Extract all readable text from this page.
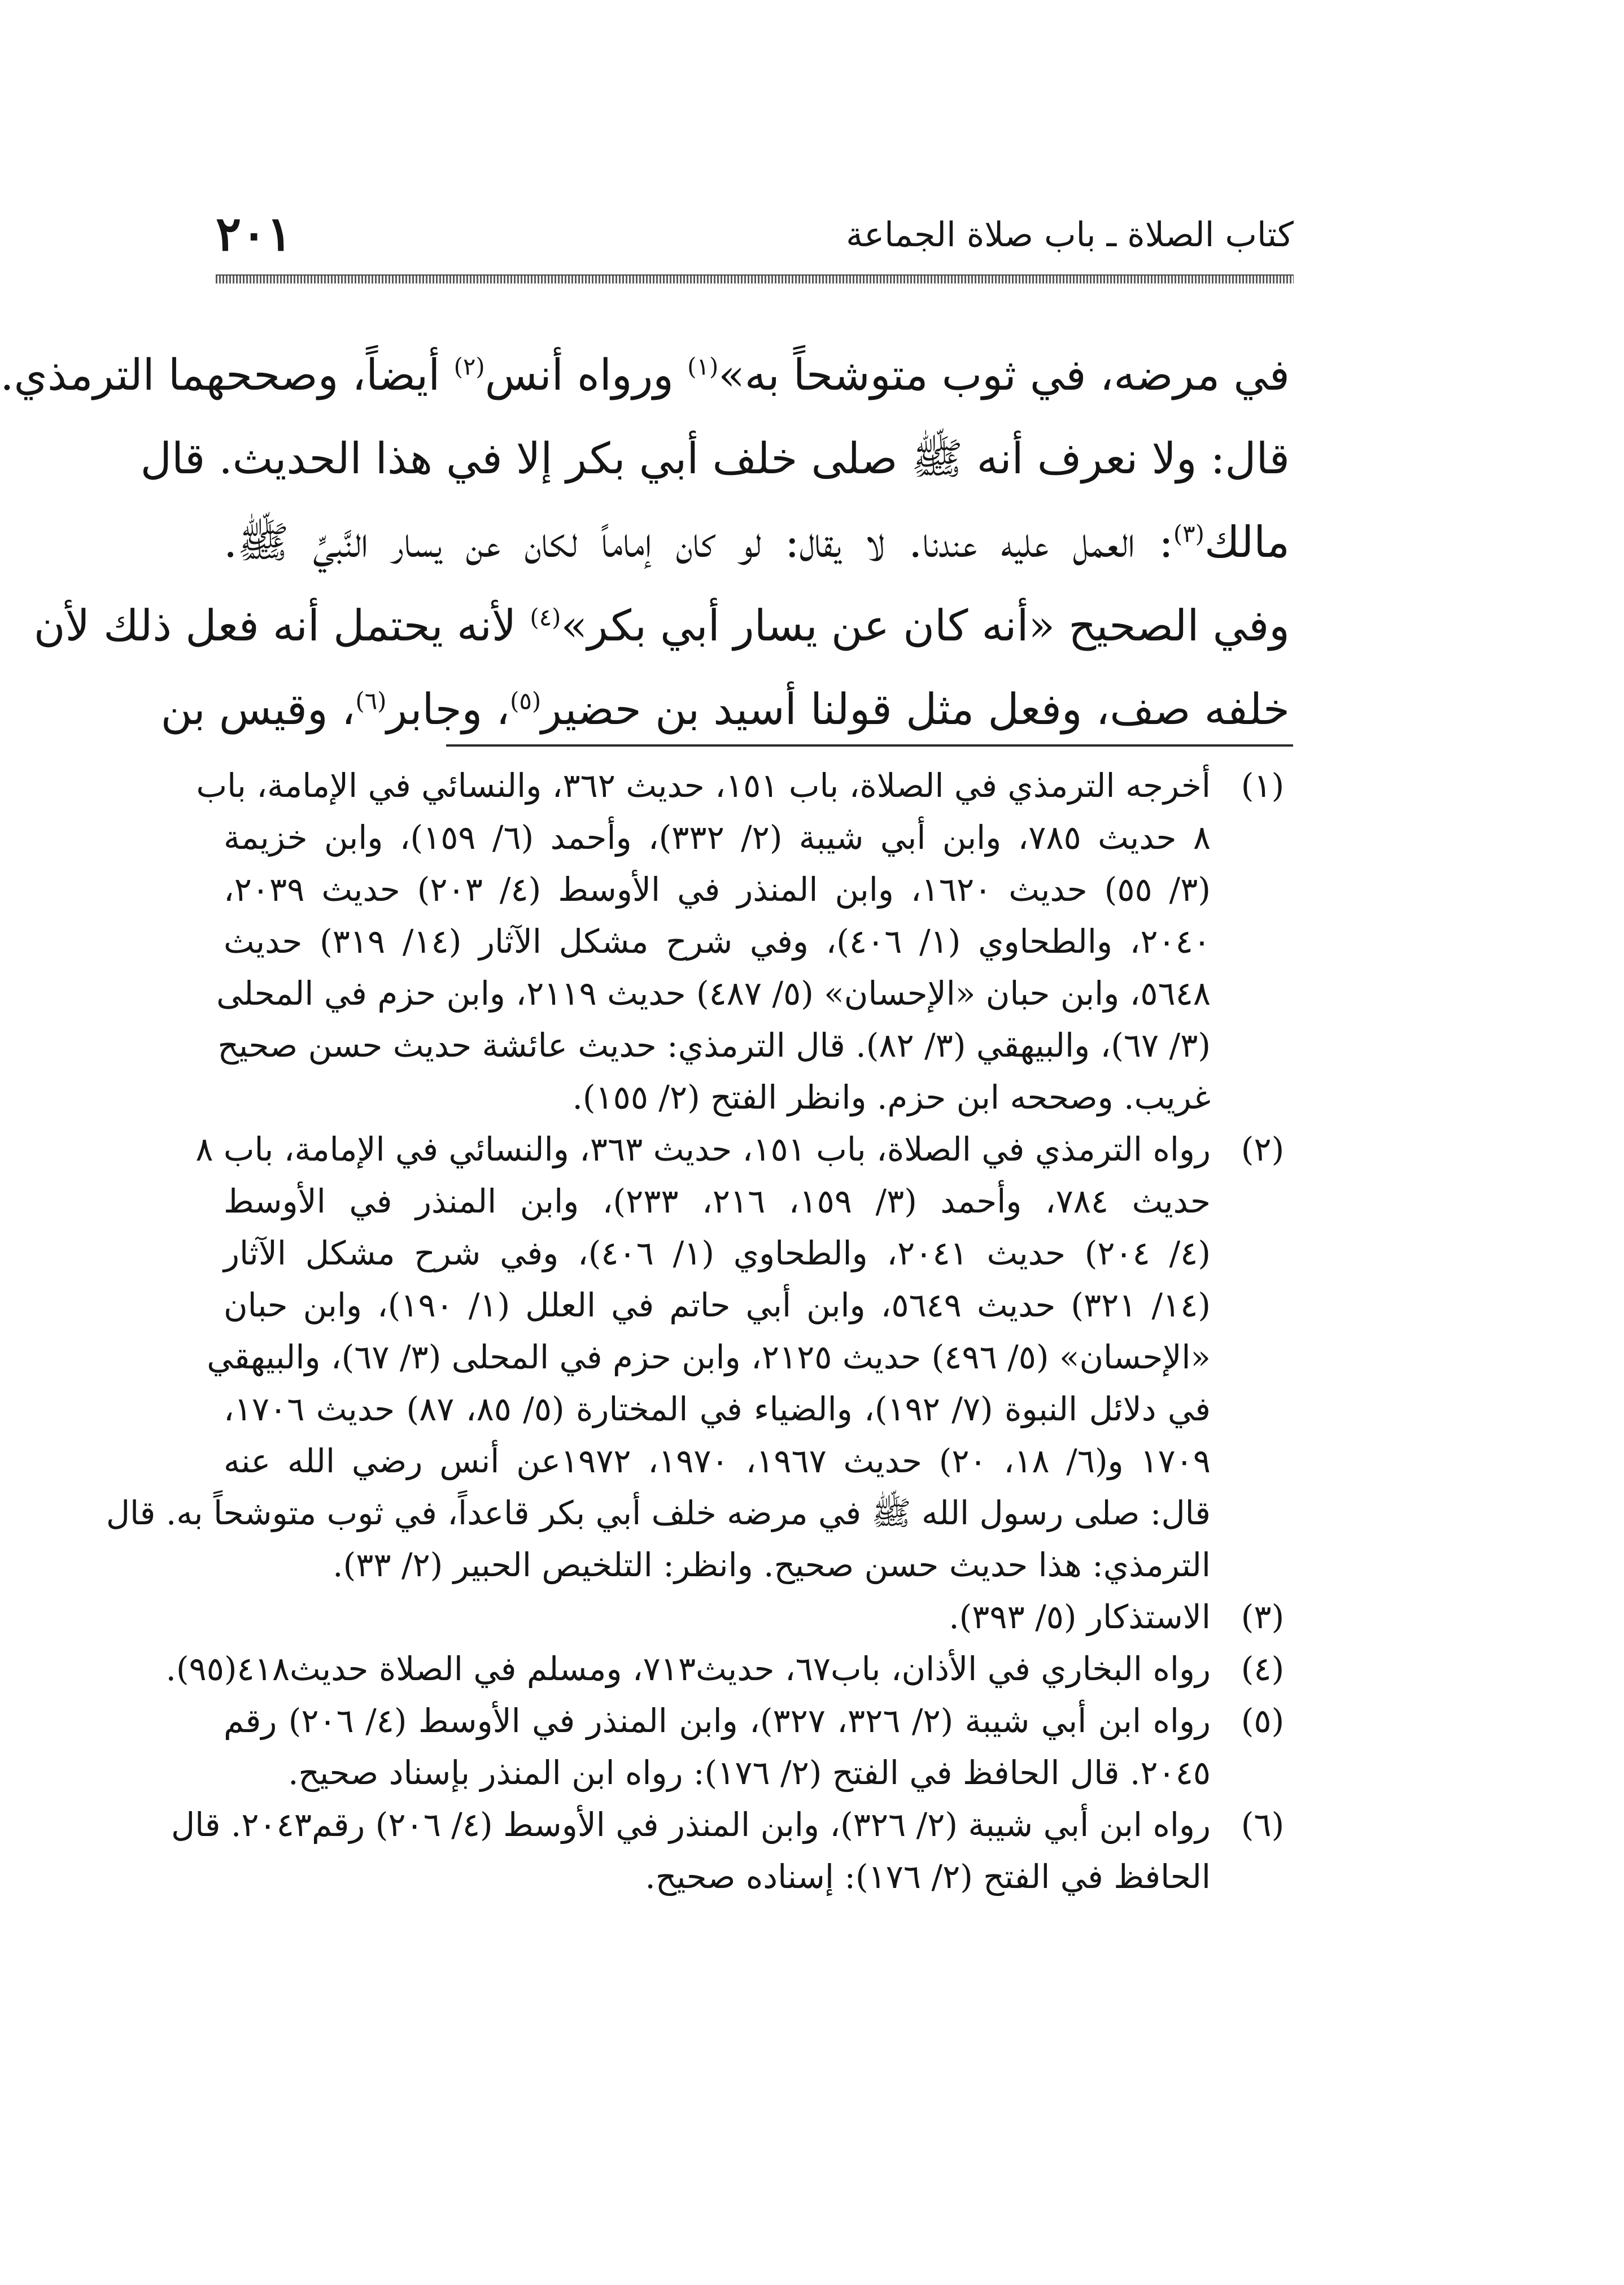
كتاب الصلاة ـ باب صلاة الجماعة
٢٠١
في مرضه، في ثوب متوشحاً به»$^{(١)}$ ورواه أنس$^{(٢)}$ أيضاً، وصححهما الترمذي.
قال: ولا نعرف أنه ﷺ صلى خلف أبي بكر إلا في هذا الحديث. قال
مالك$^{(٣)}$: العمل عليه عندنا. لا يقال: لو كان إماماً لكان عن يسار النَّبيِّ ﷺ.
وفي الصحيح «أنه كان عن يسار أبي بكر»$^{(٤)}$ لأنه يحتمل أنه فعل ذلك لأن
خلفه صف، وفعل مثل قولنا أسيد بن حضير$^{(٥)}$، وجابر$^{(٦)}$، وقيس بن
(١)
أخرجه الترمذي في الصلاة، باب ١٥١، حديث ٣٦٢، والنسائي في الإمامة، باب
٨ حديث ٧٨٥، وابن أبي شيبة (٢/ ٣٣٢)، وأحمد (٦/ ١٥٩)، وابن خزيمة
(٣/ ٥٥) حديث ١٦٢٠، وابن المنذر في الأوسط (٤/ ٢٠٣) حديث ٢٠٣٩،
٢٠٤٠، والطحاوي (١/ ٤٠٦)، وفي شرح مشكل الآثار (١٤/ ٣١٩) حديث
٥٦٤٨، وابن حبان «الإحسان» (٥/ ٤٨٧) حديث ٢١١٩، وابن حزم في المحلى
(٣/ ٦٧)، والبيهقي (٣/ ٨٢). قال الترمذي: حديث عائشة حديث حسن صحيح
غريب. وصححه ابن حزم. وانظر الفتح (٢/ ١٥٥).
(٢)
رواه الترمذي في الصلاة، باب ١٥١، حديث ٣٦٣، والنسائي في الإمامة، باب ٨
حديث ٧٨٤، وأحمد (٣/ ١٥٩، ٢١٦، ٢٣٣)، وابن المنذر في الأوسط
(٤/ ٢٠٤) حديث ٢٠٤١، والطحاوي (١/ ٤٠٦)، وفي شرح مشكل الآثار
(١٤/ ٣٢١) حديث ٥٦٤٩، وابن أبي حاتم في العلل (١/ ١٩٠)، وابن حبان
«الإحسان» (٥/ ٤٩٦) حديث ٢١٢٥، وابن حزم في المحلى (٣/ ٦٧)، والبيهقي
في دلائل النبوة (٧/ ١٩٢)، والضياء في المختارة (٥/ ٨٥، ٨٧) حديث ١٧٠٦،
١٧٠٩ و(٦/ ١٨، ٢٠) حديث ١٩٦٧، ١٩٧٠، ١٩٧٢عن أنس رضي الله عنه
قال: صلى رسول الله ﷺ في مرضه خلف أبي بكر قاعداً، في ثوب متوشحاً به. قال
الترمذي: هذا حديث حسن صحيح. وانظر: التلخيص الحبير (٢/ ٣٣).
(٣)
الاستذكار (٥/ ٣٩٣).
(٤)
رواه البخاري في الأذان، باب٦٧، حديث٧١٣، ومسلم في الصلاة حديث٤١٨(٩٥).
(٥)
رواه ابن أبي شيبة (٢/ ٣٢٦، ٣٢٧)، وابن المنذر في الأوسط (٤/ ٢٠٦) رقم
٢٠٤٥. قال الحافظ في الفتح (٢/ ١٧٦): رواه ابن المنذر بإسناد صحيح.
(٦)
رواه ابن أبي شيبة (٢/ ٣٢٦)، وابن المنذر في الأوسط (٤/ ٢٠٦) رقم٢٠٤٣. قال
الحافظ في الفتح (٢/ ١٧٦): إسناده صحيح.
